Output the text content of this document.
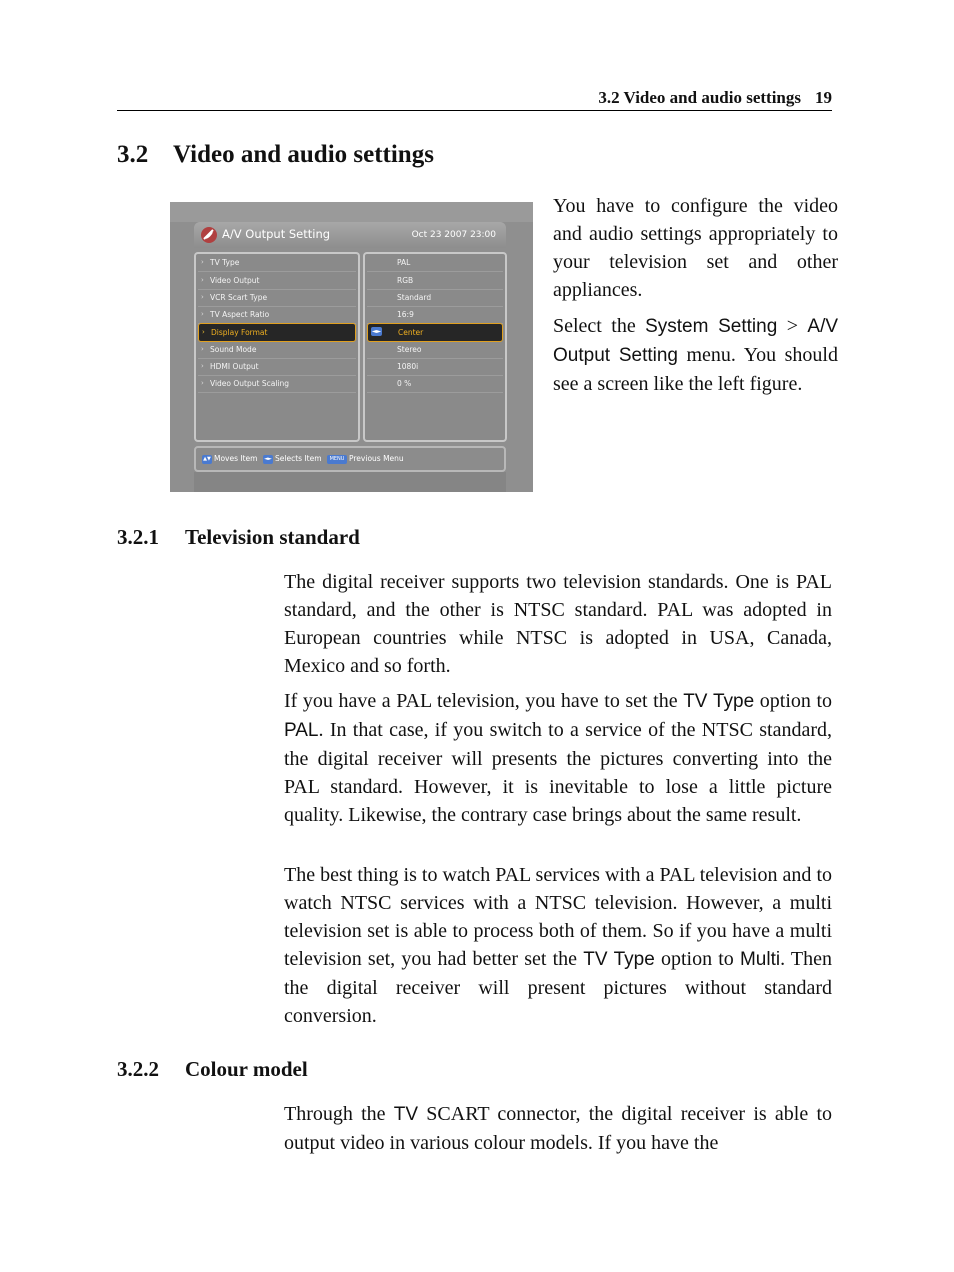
3.2 Video and audio settings 19
3.2 Video and audio settings
A/V Output Setting	Oct 23 2007 23:00
› TV Type
› Video Output
› VCR Scart Type
› TV Aspect Ratio
› Display Format
› Sound Mode
› HDMI Output
› Video Output Scaling
PAL
RGB
Standard
16:9
◄► Center
Stereo
1080i
0 %
▲▼ Moves Item ◄► Selects Item	MENU Previous Menu

You have to configure the video and audio settings appropriately to your television set and other appliances.

Select the System Setting > A/V Output Setting menu. You should see a screen like the left figure.

3.2.1 Television standard

The digital receiver supports two television standards. One is PAL standard, and the other is NTSC standard. PAL was adopted in European countries while NTSC is adopted in USA, Canada, Mexico and so forth.

If you have a PAL television, you have to set the TV Type option to PAL. In that case, if you switch to a service of the NTSC standard, the digital receiver will presents the pictures converting into the PAL standard. However, it is inevitable to lose a little picture quality. Likewise, the contrary case brings about the same result.

The best thing is to watch PAL services with a PAL television and to watch NTSC services with a NTSC television. However, a multi television set is able to process both of them. So if you have a multi television set, you had better set the TV Type option to Multi. Then the digital receiver will present pictures without standard conversion.

3.2.2 Colour model

Through the TV SCART connector, the digital receiver is able to output video in various colour models. If you have the
